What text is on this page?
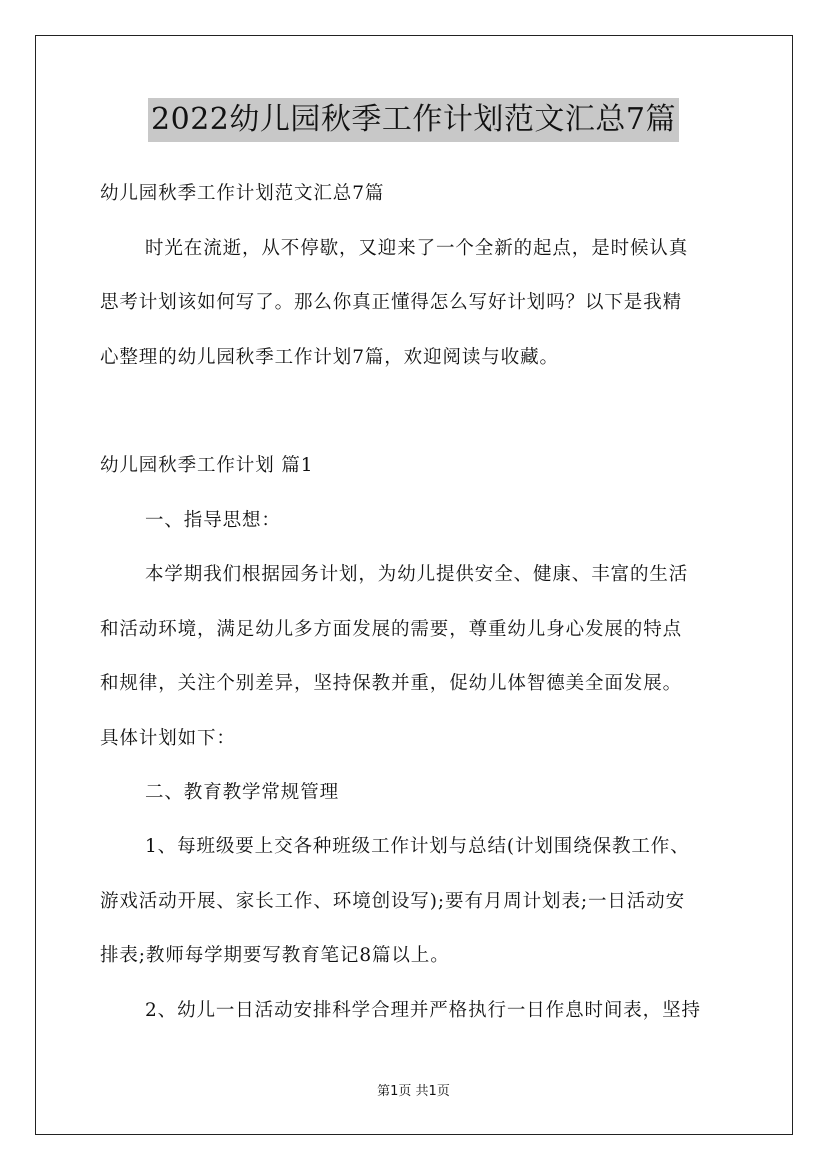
2022幼儿园秋季工作计划范文汇总7篇
幼儿园秋季工作计划范文汇总7篇
时光在流逝，从不停歇，又迎来了一个全新的起点，是时候认真
思考计划该如何写了。那么你真正懂得怎么写好计划吗？以下是我精
心整理的幼儿园秋季工作计划7篇，欢迎阅读与收藏。
幼儿园秋季工作计划 篇1
一、指导思想：
本学期我们根据园务计划，为幼儿提供安全、健康、丰富的生活
和活动环境，满足幼儿多方面发展的需要，尊重幼儿身心发展的特点
和规律，关注个别差异，坚持保教并重，促幼儿体智德美全面发展。
具体计划如下：
二、教育教学常规管理
1、每班级要上交各种班级工作计划与总结(计划围绕保教工作、
游戏活动开展、家长工作、环境创设写);要有月周计划表;一日活动安
排表;教师每学期要写教育笔记8篇以上。
2、幼儿一日活动安排科学合理并严格执行一日作息时间表，坚持
第1页 共1页
